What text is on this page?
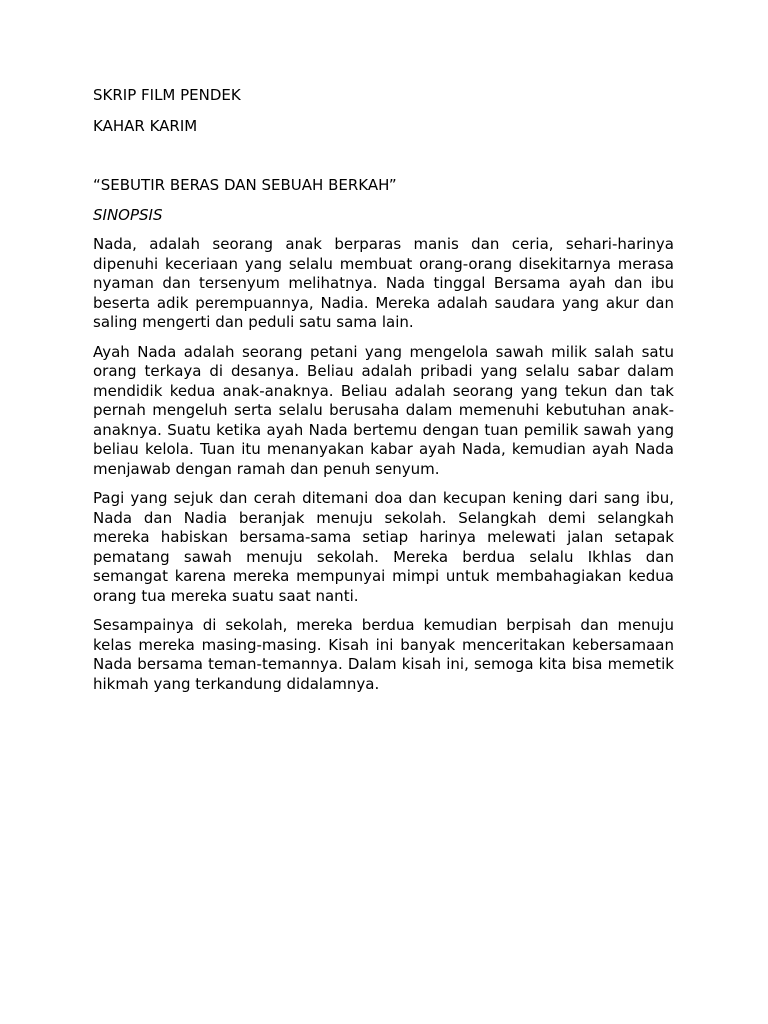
SKRIP FILM PENDEK

KAHAR KARIM

“SEBUTIR BERAS DAN SEBUAH BERKAH”

SINOPSIS

Nada, adalah seorang anak berparas manis dan ceria, sehari-harinya dipenuhi keceriaan yang selalu membuat orang-orang disekitarnya merasa nyaman dan tersenyum melihatnya. Nada tinggal Bersama ayah dan ibu beserta adik perempuannya, Nadia. Mereka adalah saudara yang akur dan saling mengerti dan peduli satu sama lain.

Ayah Nada adalah seorang petani yang mengelola sawah milik salah satu orang terkaya di desanya. Beliau adalah pribadi yang selalu sabar dalam mendidik kedua anak-anaknya. Beliau adalah seorang yang tekun dan tak pernah mengeluh serta selalu berusaha dalam memenuhi kebutuhan anak-anaknya. Suatu ketika ayah Nada bertemu dengan tuan pemilik sawah yang beliau kelola. Tuan itu menanyakan kabar ayah Nada, kemudian ayah Nada menjawab dengan ramah dan penuh senyum.

Pagi yang sejuk dan cerah ditemani doa dan kecupan kening dari sang ibu, Nada dan Nadia beranjak menuju sekolah. Selangkah demi selangkah mereka habiskan bersama-sama setiap harinya melewati jalan setapak pematang sawah menuju sekolah. Mereka berdua selalu Ikhlas dan semangat karena mereka mempunyai mimpi untuk membahagiakan kedua orang tua mereka suatu saat nanti.

Sesampainya di sekolah, mereka berdua kemudian berpisah dan menuju kelas mereka masing-masing. Kisah ini banyak menceritakan kebersamaan Nada bersama teman-temannya. Dalam kisah ini, semoga kita bisa memetik hikmah yang terkandung didalamnya.
